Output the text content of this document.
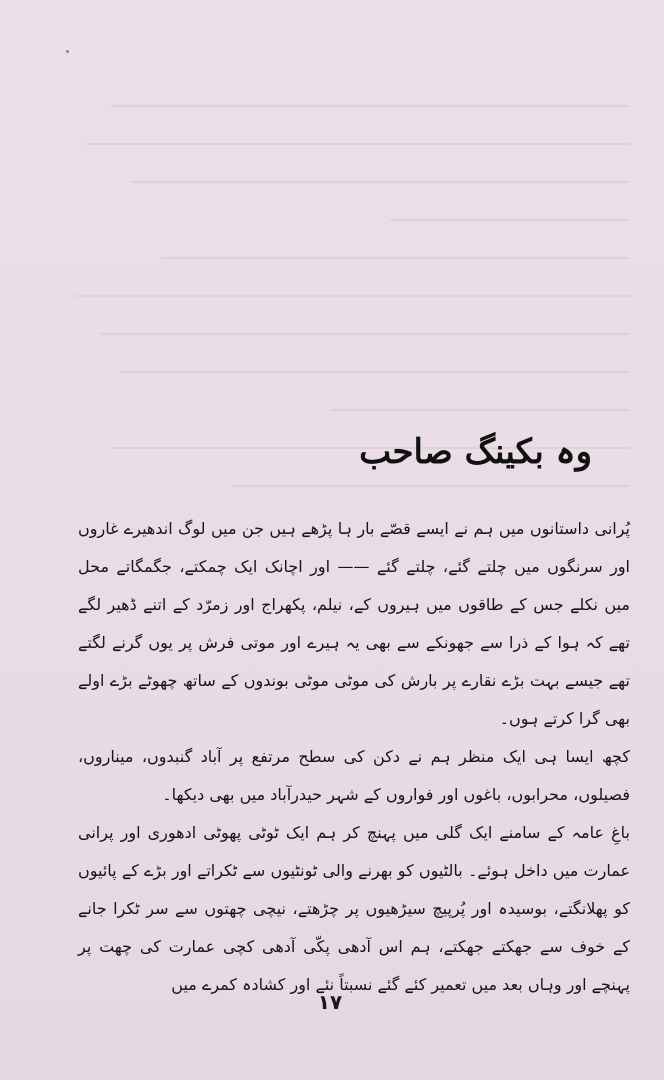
وہ بکینگ صاحب

پُرانی داستانوں میں ہم نے ایسے قصّے بار ہا پڑھے ہیں جن میں لوگ اندھیرے غاروں اور سرنگوں میں چلتے گئے، چلتے گئے —— اور اچانک ایک چمکتے، جگمگاتے محل میں نکلے جس کے طاقوں میں ہیروں کے، نیلم، پکھراج اور زمرّد کے اتنے ڈھیر لگے تھے کہ ہوا کے ذرا سے جھونکے سے بھی یہ ہیرے اور موتی فرش پر یوں گرنے لگتے تھے جیسے بہت بڑے نقارے پر بارش کی موٹی موٹی بوندوں کے ساتھ چھوٹے بڑے اولے بھی گرا کرتے ہوں۔

کچھ ایسا ہی ایک منظر ہم نے دکن کی سطح مرتفع پر آباد گنبدوں، میناروں، فصیلوں، محرابوں، باغوں اور فواروں کے شہر حیدرآباد میں بھی دیکھا۔

باغِ عامہ کے سامنے ایک گلی میں پہنچ کر ہم ایک ٹوٹی پھوٹی ادھوری اور پرانی عمارت میں داخل ہوئے۔ بالٹیوں کو بھرنے والی ٹونٹیوں سے ٹکراتے اور بڑے کے پائیوں کو پھلانگتے، بوسیدہ اور پُرپیچ سیڑھیوں پر چڑھتے، نیچی چھتوں سے سر ٹکرا جانے کے خوف سے جھکتے جھکتے، ہم اس آدھی پکّی آدھی کچی عمارت کی چھت پر پہنچے اور وہاں بعد میں تعمیر کئے گئے نسبتاً نئے اور کشادہ کمرے میں

۱۷
